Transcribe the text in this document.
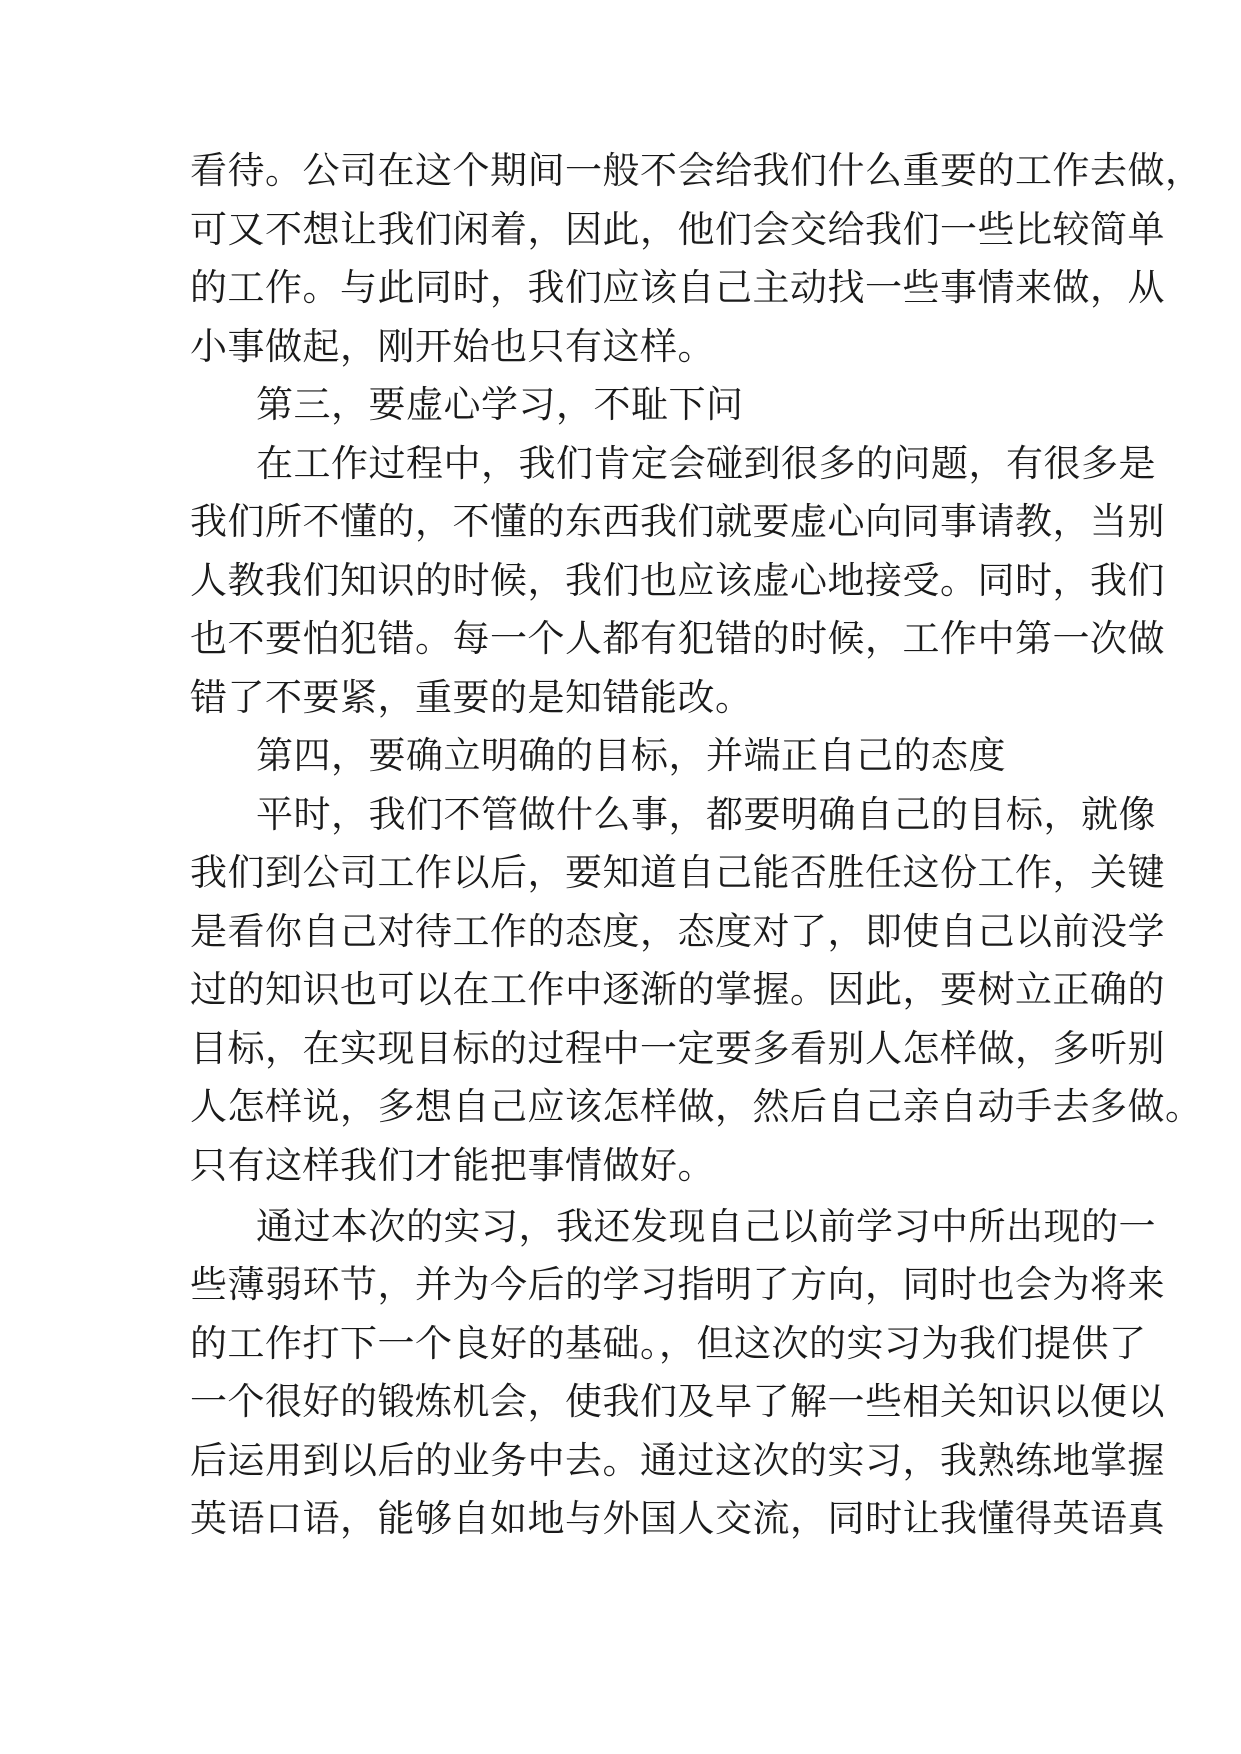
看待。公司在这个期间一般不会给我们什么重要的工作去做，
可又不想让我们闲着，因此，他们会交给我们一些比较简单
的工作。与此同时，我们应该自己主动找一些事情来做，从
小事做起，刚开始也只有这样。
第三，要虚心学习，不耻下问
在工作过程中，我们肯定会碰到很多的问题，有很多是
我们所不懂的，不懂的东西我们就要虚心向同事请教，当别
人教我们知识的时候，我们也应该虚心地接受。同时，我们
也不要怕犯错。每一个人都有犯错的时候，工作中第一次做
错了不要紧，重要的是知错能改。
第四，要确立明确的目标，并端正自己的态度
平时，我们不管做什么事，都要明确自己的目标，就像
我们到公司工作以后，要知道自己能否胜任这份工作，关键
是看你自己对待工作的态度，态度对了，即使自己以前没学
过的知识也可以在工作中逐渐的掌握。因此，要树立正确的
目标，在实现目标的过程中一定要多看别人怎样做，多听别
人怎样说，多想自己应该怎样做，然后自己亲自动手去多做。
只有这样我们才能把事情做好。
通过本次的实习，我还发现自己以前学习中所出现的一
些薄弱环节，并为今后的学习指明了方向，同时也会为将来
的工作打下一个良好的基础。，但这次的实习为我们提供了
一个很好的锻炼机会，使我们及早了解一些相关知识以便以
后运用到以后的业务中去。通过这次的实习，我熟练地掌握
英语口语，能够自如地与外国人交流，同时让我懂得英语真
